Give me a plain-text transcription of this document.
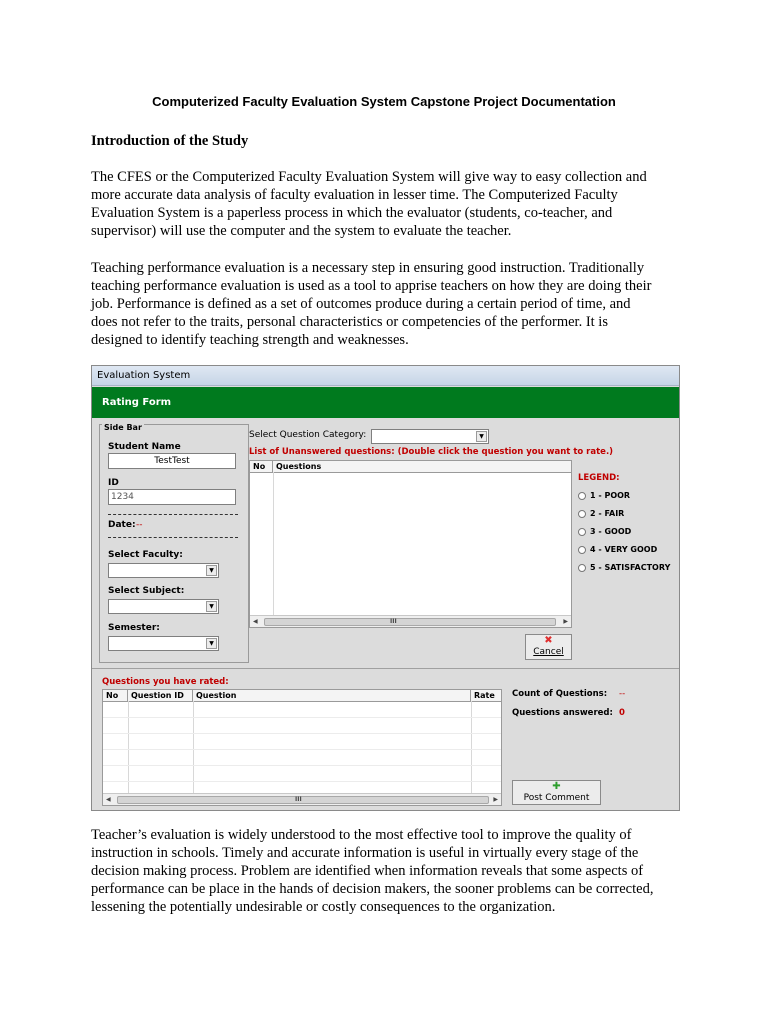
Computerized Faculty Evaluation System Capstone Project Documentation
Introduction of the Study
The CFES or the Computerized Faculty Evaluation System will give way to easy collection and
more accurate data analysis of faculty evaluation in lesser time. The Computerized Faculty
Evaluation System is a paperless process in which the evaluator (students, co-teacher, and
supervisor) will use the computer and the system to evaluate the teacher.
Teaching performance evaluation is a necessary step in ensuring good instruction. Traditionally
teaching performance evaluation is used as a tool to apprise teachers on how they are doing their
job. Performance is defined as a set of outcomes produce during a certain period of time, and
does not refer to the traits, personal characteristics or competencies of the performer. It is
designed to identify teaching strength and weaknesses.
Evaluation System
Rating Form
Side Bar
Student Name
TestTest
ID
1234
Date: --
Select Faculty:
▼
Select Subject:
▼
Semester:
▼
Select Question Category:	▼
List of Unanswered questions: (Double click the question you want to rate.)
No	Questions
◀	III	▶
LEGEND:
1 - POOR
2 - FAIR
3 - GOOD
4 - VERY GOOD
5 - SATISFACTORY
✖
Cancel
Questions you have rated:
No	Question ID	Question	Rate
◀	III	▶
Count of Questions: --
Questions answered: 0
✚
Post Comment
Teacher’s evaluation is widely understood to the most effective tool to improve the quality of
instruction in schools. Timely and accurate information is useful in virtually every stage of the
decision making process. Problem are identified when information reveals that some aspects of
performance can be place in the hands of decision makers, the sooner problems can be corrected,
lessening the potentially undesirable or costly consequences to the organization.
